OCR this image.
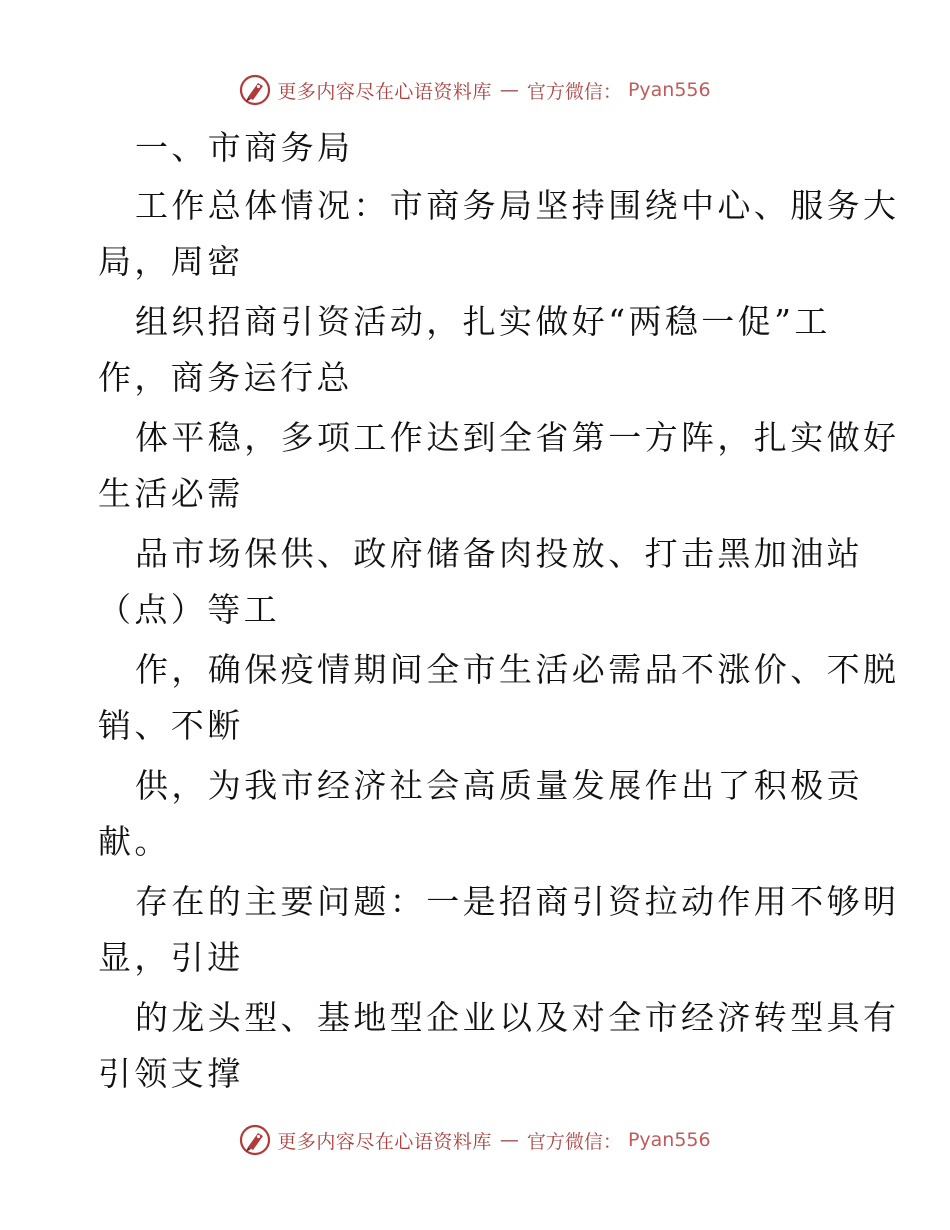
更多内容尽在心语资料库 — 官方微信： Pyan556
一、市商务局
工作总体情况：市商务局坚持围绕中心、服务大
局，周密
组织招商引资活动，扎实做好“两稳一促”工
作，商务运行总
体平稳，多项工作达到全省第一方阵，扎实做好
生活必需
品市场保供、政府储备肉投放、打击黑加油站
（点）等工
作，确保疫情期间全市生活必需品不涨价、不脱
销、不断
供，为我市经济社会高质量发展作出了积极贡
献。
存在的主要问题：一是招商引资拉动作用不够明
显，引进
的龙头型、基地型企业以及对全市经济转型具有
引领支撑
更多内容尽在心语资料库 — 官方微信： Pyan556
